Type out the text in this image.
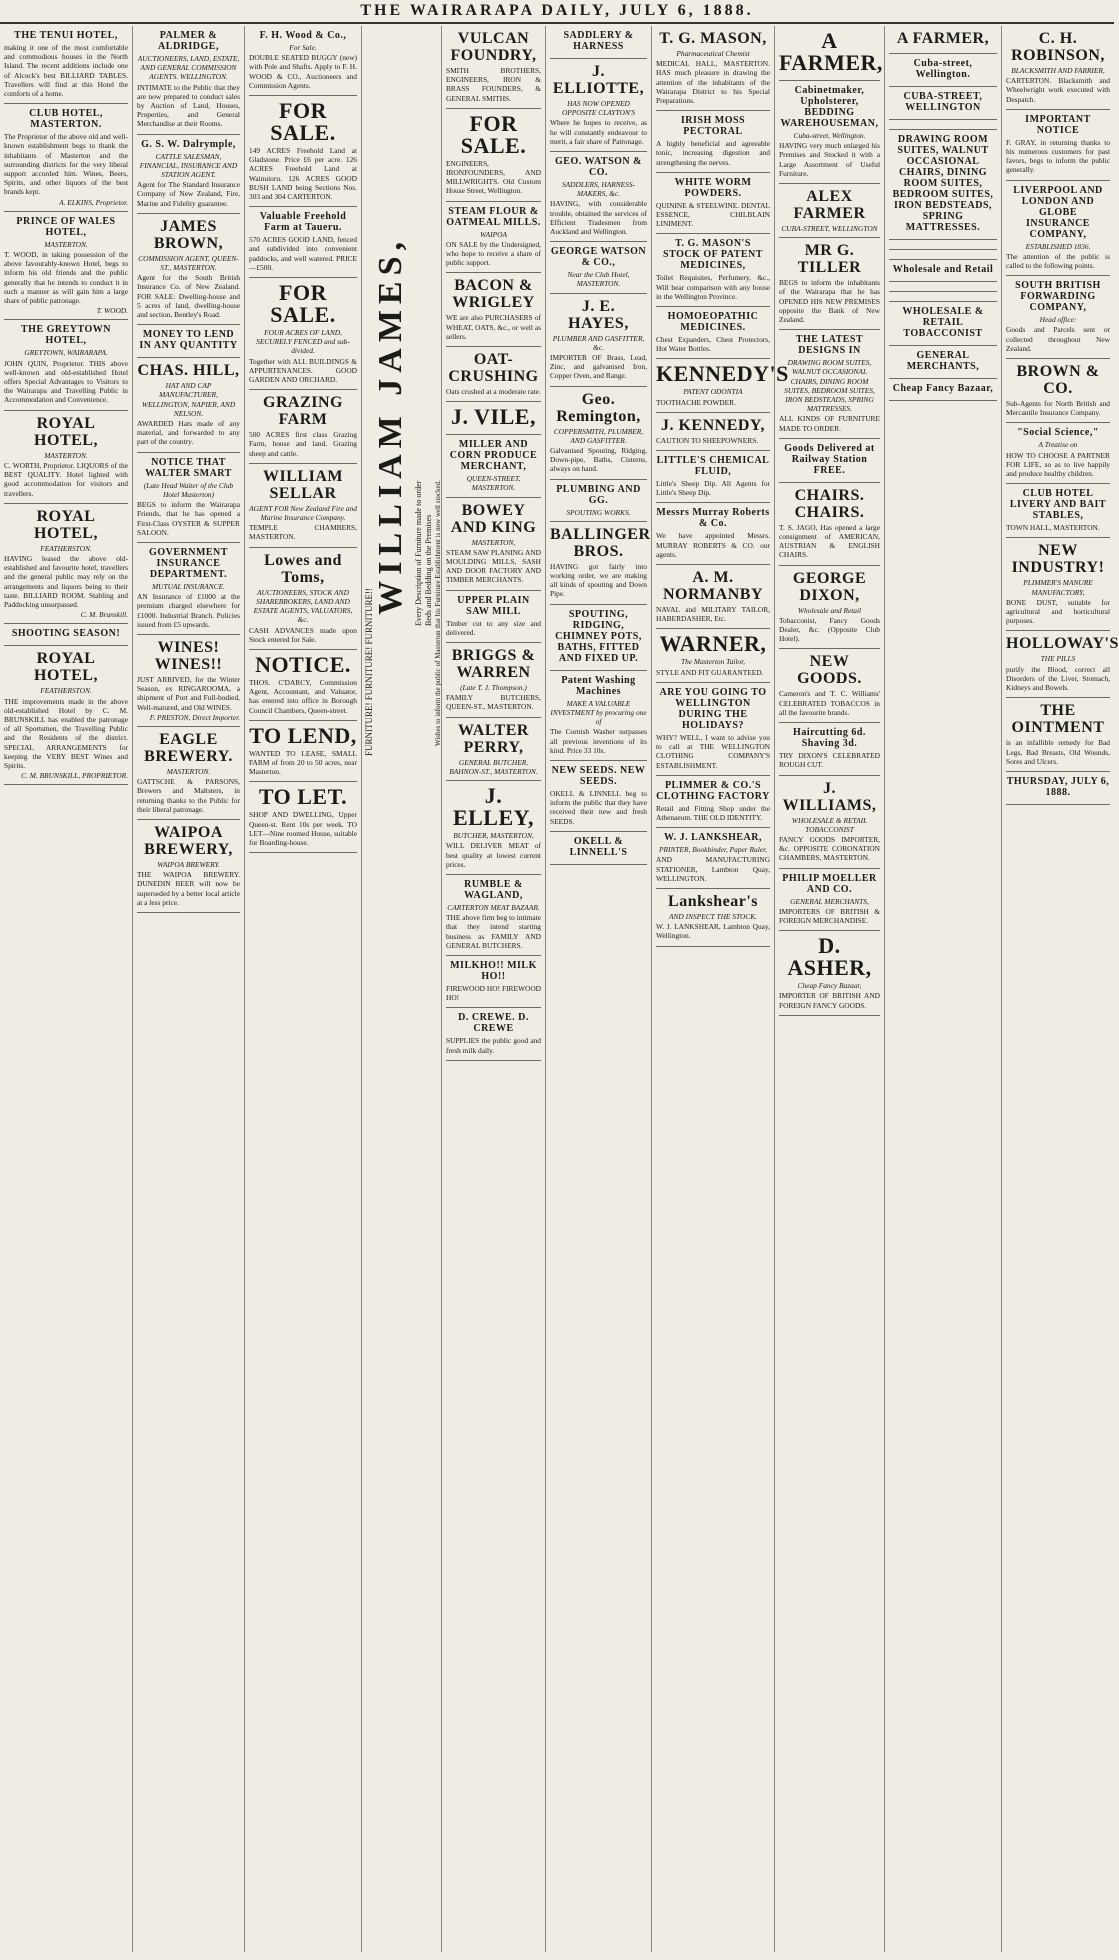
THE WAIRARAPA DAILY, JULY 6, 1888.
THE TENUI HOTEL,

making it one of the most comfortable and commodious houses in the North Island. The recent additions include one of Alcock's best BILLIARD TABLES. Travellers will find at this Hotel the comforts of a home.

CLUB HOTEL, MASTERTON.

The Proprietor of the above old and well-known establishment begs to thank the inhabitants of Masterton and the surrounding districts for the very liberal support accorded him. Wines, Beers, Spirits, and other liquors of the best brands kept.

A. ELKINS, Proprietor.
PRINCE OF WALES HOTEL,
MASTERTON.

T. WOOD, in taking possession of the above favourably-known Hotel, begs to inform his old friends and the public generally that he intends to conduct it in such a manner as will gain him a large share of public patronage.

T. WOOD.
THE GREYTOWN HOTEL,
GREYTOWN, WAIRARAPA.

JOHN QUIN, Proprietor. THIS above well-known and old-established Hotel offers Special Advantages to Visitors to the Wairarapa and Travelling Public in Accommodation and Convenience.

ROYAL HOTEL,
MASTERTON.

C. WORTH, Proprietor. LIQUORS of the BEST QUALITY. Hotel lighted with good accommodation for visitors and travellers.

ROYAL HOTEL,
FEATHERSTON.

HAVING leased the above old-established and favourite hotel, travellers and the general public may rely on the arrangements and liquors being to their taste. BILLIARD ROOM. Stabling and Paddocking unsurpassed.

C. M. Brunskill.
SHOOTING SEASON!
ROYAL HOTEL,
FEATHERSTON.

THE improvements made in the above old-established Hotel by C. M. BRUNSKILL has enabled the patronage of all Sportsmen, the Travelling Public and the Residents of the district. SPECIAL ARRANGEMENTS for keeping the VERY BEST Wines and Spirits.

C. M. BRUNSKILL, PROPRIETOR.
PALMER & ALDRIDGE,
AUCTIONEERS, LAND, ESTATE, AND GENERAL COMMISSION AGENTS. WELLINGTON.

INTIMATE to the Public that they are now prepared to conduct sales by Auction of Land, Houses, Properties, and General Merchandise at their Rooms.

G. S. W. Dalrymple,
CATTLE SALESMAN, FINANCIAL, INSURANCE AND STATION AGENT.

Agent for The Standard Insurance Company of New Zealand, Fire, Marine and Fidelity guarantee.

JAMES BROWN,
COMMISSION AGENT, QUEEN-ST., MASTERTON.

Agent for the South British Insurance Co. of New Zealand. FOR SALE: Dwelling-house and 5 acres of land, dwelling-house and section, Bentley's Road.

MONEY TO LEND IN ANY QUANTITY
CHAS. HILL,
HAT AND CAP MANUFACTURER, WELLINGTON, NAPIER, AND NELSON.

AWARDED Hats made of any material, and forwarded to any part of the country.

NOTICE THAT WALTER SMART
(Late Head Waiter of the Club Hotel Masterton)

BEGS to inform the Wairarapa Friends, that he has opened a First-Class OYSTER & SUPPER SALOON.

GOVERNMENT INSURANCE DEPARTMENT.
MUTUAL INSURANCE.

AN Insurance of £1000 at the premium charged elsewhere for £1000. Industrial Branch. Policies issued from £5 upwards.

WINES! WINES!!

JUST ARRIVED, for the Winter Season, ex RINGAROOMA, a shipment of Port and Full-bodied, Well-matured, and Old WINES.

F. PRESTON, Direct Importer.
EAGLE BREWERY.
MASTERTON.

GATTSCHE & PARSONS, Brewers and Maltsters, in returning thanks to the Public for their liberal patronage.

WAIPOA BREWERY,
WAIPOA BREWERY.

THE WAIPOA BREWERY. DUNEDIN BEER will now be superseded by a better local article at a less price.

F. H. Wood & Co.,
For Sale.

DOUBLE SEATED BUGGY (new) with Pole and Shafts. Apply to F. H. WOOD & CO., Auctioneers and Commission Agents.

FOR SALE.

149 ACRES Freehold Land at Gladstone. Price £6 per acre. 126 ACRES Freehold Land at Wainuioru. 126 ACRES GOOD BUSH LAND being Sections Nos. 303 and 304 CARTERTON.

Valuable Freehold Farm at Taueru.

570 ACRES GOOD LAND, fenced and subdivided into convenient paddocks, and well watered. PRICE—£500.

FOR SALE.
FOUR ACRES OF LAND, SECURELY FENCED and sub-divided.

Together with ALL BUILDINGS & APPURTENANCES. GOOD GARDEN AND ORCHARD.

GRAZING FARM

500 ACRES first class Grazing Farm, house and land. Grazing sheep and cattle.

WILLIAM SELLAR
AGENT FOR New Zealand Fire and Marine Insurance Company.

TEMPLE CHAMBERS, MASTERTON.

Lowes and Toms,
AUCTIONEERS, STOCK AND SHAREBROKERS, LAND AND ESTATE AGENTS, VALUATORS, &c.

CASH ADVANCES made upon Stock entered for Sale.

NOTICE.

THOS. C'DARCY, Commission Agent, Accountant, and Valuator, has entered into office in Borough Council Chambers, Queen-street.

TO LEND,

WANTED TO LEASE, SMALL FARM of from 20 to 50 acres, near Masterton.

TO LET.

SHOP AND DWELLING, Upper Queen-st. Rent 10s per week. TO LET—Nine roomed House, suitable for Boarding-house.

FURNITURE! FURNITURE! FURNITURE!!
WILLIAM JAMES, Every Description of Furniture made to order Beds and Bedding on the Premises Wishes to inform the public of Masterton that his Furniture Establishment is now well stocked.
VULCAN FOUNDRY,

SMITH BROTHERS, ENGINEERS, IRON & BRASS FOUNDERS, & GENERAL SMITHS.

FOR SALE.

ENGINEERS, IRONFOUNDERS, AND MILLWRIGHTS. Old Custom House Street, Wellington.

STEAM FLOUR & OATMEAL MILLS.
WAIPOA

ON SALE by the Undersigned, who hope to receive a share of public support.

BACON & WRIGLEY

WE are also PURCHASERS of WHEAT, OATS, &c., or well as sellers.

OAT-CRUSHING

Oats crushed at a moderate rate.

J. VILE,
MILLER AND CORN PRODUCE MERCHANT,
QUEEN-STREET, MASTERTON.
BOWEY AND KING
MASTERTON,

STEAM SAW PLANING AND MOULDING MILLS, SASH AND DOOR FACTORY AND TIMBER MERCHANTS.

UPPER PLAIN SAW MILL

Timber cut to any size and delivered.

BRIGGS & WARREN
(Late T. J. Thompson.)

FAMILY BUTCHERS, QUEEN-ST., MASTERTON.

WALTER PERRY,
GENERAL BUTCHER, BAHNON-ST., MASTERTON.
J. ELLEY,
BUTCHER, MASTERTON,

WILL DELIVER MEAT of best quality at lowest current prices.

RUMBLE & WAGLAND,
CARTERTON MEAT BAZAAR.

THE above firm beg to intimate that they intend starting business as FAMILY AND GENERAL BUTCHERS.

MILKHO!! MILK HO!!

FIREWOOD HO! FIREWOOD HO!

D. CREWE. D. CREWE

SUPPLIES the public good and fresh milk daily.

SADDLERY & HARNESS
J. ELLIOTTE,
HAS NOW OPENED OPPOSITE CLAYTON'S

Where he hopes to receive, as he will constantly endeavour to merit, a fair share of Patronage.

GEO. WATSON & CO.
SADDLERS, HARNESS-MAKERS, &c.

HAVING, with considerable trouble, obtained the services of Efficient Tradesmen from Auckland and Wellington.

GEORGE WATSON & CO.,
Near the Club Hotel, MASTERTON.
J. E. HAYES,
PLUMBER AND GASFITTER, &c.

IMPORTER OF Brass, Lead, Zinc, and galvanised Iron, Copper Oven, and Range.

Geo. Remington,
COPPERSMITH, PLUMBER, AND GASFITTER.

Galvanised Spouting, Ridging, Down-pipe, Baths, Cisterns, always on hand.

PLUMBING AND GG.
SPOUTING WORKS.
BALLINGER BROS.

HAVING got fairly into working order, we are making all kinds of spouting and Down Pipe.

SPOUTING, RIDGING, CHIMNEY POTS, BATHS, FITTED AND FIXED UP.
Patent Washing Machines
MAKE A VALUABLE INVESTMENT by procuring one of

The Cornish Washer surpasses all previous inventions of its kind. Price 33 10s.

NEW SEEDS. NEW SEEDS.

OKELL & LINNELL beg to inform the public that they have received their new and fresh SEEDS.

OKELL & LINNELL'S
T. G. MASON,
Pharmaceutical Chemist

MEDICAL HALL, MASTERTON. HAS much pleasure in drawing the attention of the inhabitants of the Wairarapa District to his Special Preparations.

IRISH MOSS PECTORAL

A highly beneficial and agreeable tonic, increasing digestion and strengthening the nerves.

WHITE WORM POWDERS.

QUININE & STEELWINE. DENTAL ESSENCE, CHILBLAIN LINIMENT.

T. G. MASON'S STOCK OF PATENT MEDICINES,

Toilet Requisites, Perfumery, &c., Will bear comparison with any house in the Wellington Province.

HOMOEOPATHIC MEDICINES.

Chest Expanders, Chest Protectors, Hot Water Bottles.

KENNEDY'S
PATENT ODONTIA

TOOTHACHE POWDER.

J. KENNEDY,

CAUTION TO SHEEPOWNERS.

LITTLE'S CHEMICAL FLUID,

Little's Sheep Dip. All Agents for Little's Sheep Dip.

Messrs Murray Roberts & Co.

We have appointed Messrs. MURRAY ROBERTS & CO. our agents.

A. M. NORMANBY

NAVAL and MILITARY TAILOR, HABERDASHER, Etc.

WARNER,
The Masterton Tailor,

STYLE AND FIT GUARANTEED.

ARE YOU GOING TO WELLINGTON DURING THE HOLIDAYS?

WHY? WELL, I want to advise you to call at THE WELLINGTON CLOTHING COMPANY'S ESTABLISHMENT.

PLIMMER & CO.'S CLOTHING FACTORY

Retail and Fitting Shop under the Athenaeum. THE OLD IDENTITY.

W. J. LANKSHEAR,
PRINTER, Bookbinder, Paper Ruler,

AND MANUFACTURING STATIONER, Lambton Quay, WELLINGTON.

Lankshear's
AND INSPECT THE STOCK.

W. J. LANKSHEAR, Lambton Quay, Wellington.

A FARMER,
Cabinetmaker, Upholsterer, BEDDING WAREHOUSEMAN,
Cuba-street, Wellington.

HAVING very much enlarged his Premises and Stocked it with a Large Assortment of Useful Furniture.

ALEX FARMER
CUBA-STREET, WELLINGTON
MR G. TILLER

BEGS to inform the inhabitants of the Wairarapa that he has OPENED HIS NEW PREMISES opposite the Bank of New Zealand.

THE LATEST DESIGNS IN
DRAWING ROOM SUITES, WALNUT OCCASIONAL CHAIRS, DINING ROOM SUITES, BEDROOM SUITES, IRON BEDSTEADS, SPRING MATTRESSES.

ALL KINDS OF FURNITURE MADE TO ORDER.

Goods Delivered at Railway Station FREE.
CHAIRS. CHAIRS.

T. S. JAGO, Has opened a large consignment of AMERICAN, AUSTRIAN & ENGLISH CHAIRS.

GEORGE DIXON,
Wholesale and Retail

Tobacconist, Fancy Goods Dealer, &c. (Opposite Club Hotel).

NEW GOODS.

Cameron's and T. C. Williams' CELEBRATED TOBACCOS in all the favourite brands.

Haircutting 6d. Shaving 3d.

TRY DIXON'S CELEBRATED ROUGH CUT.

J. WILLIAMS,
WHOLESALE & RETAIL TOBACCONIST

FANCY GOODS IMPORTER, &c. OPPOSITE CORONATION CHAMBERS, MASTERTON.

PHILIP MOELLER AND CO.
GENERAL MERCHANTS,

IMPORTERS OF BRITISH & FOREIGN MERCHANDISE.

D. ASHER,
Cheap Fancy Bazaar,

IMPORTER OF BRITISH AND FOREIGN FANCY GOODS.

A FARMER,
Cuba-street, Wellington.
CUBA-STREET, WELLINGTON
DRAWING ROOM SUITES, WALNUT OCCASIONAL CHAIRS, DINING ROOM SUITES, BEDROOM SUITES, IRON BEDSTEADS, SPRING MATTRESSES.
Wholesale and Retail
WHOLESALE & RETAIL TOBACCONIST
GENERAL MERCHANTS,
Cheap Fancy Bazaar,
C. H. ROBINSON,
BLACKSMITH AND FARRIER,

CARTERTON. Blacksmith and Wheelwright work executed with Despatch.

IMPORTANT NOTICE

F. GRAY, in returning thanks to his numerous customers for past favors, begs to inform the public generally.

LIVERPOOL AND LONDON AND GLOBE INSURANCE COMPANY,
ESTABLISHED 1836.

The attention of the public is called to the following points.

SOUTH BRITISH FORWARDING COMPANY,
Head office:

Goods and Parcels sent or collected throughout New Zealand.

BROWN & CO.

Sub-Agents for North British and Mercantile Insurance Company.

"Social Science,"
A Treatise on

HOW TO CHOOSE A PARTNER FOR LIFE, so as to live happily and produce healthy children.

CLUB HOTEL LIVERY AND BAIT STABLES,

TOWN HALL, MASTERTON.

NEW INDUSTRY!
PLIMMER'S MANURE MANUFACTORY,

BONE DUST, suitable for agricultural and horticultural purposes.

HOLLOWAY'S
THE PILLS

purify the Blood, correct all Disorders of the Liver, Stomach, Kidneys and Bowels.

THE OINTMENT

is an infallible remedy for Bad Legs, Bad Breasts, Old Wounds, Sores and Ulcers.

THURSDAY, JULY 6, 1888.
